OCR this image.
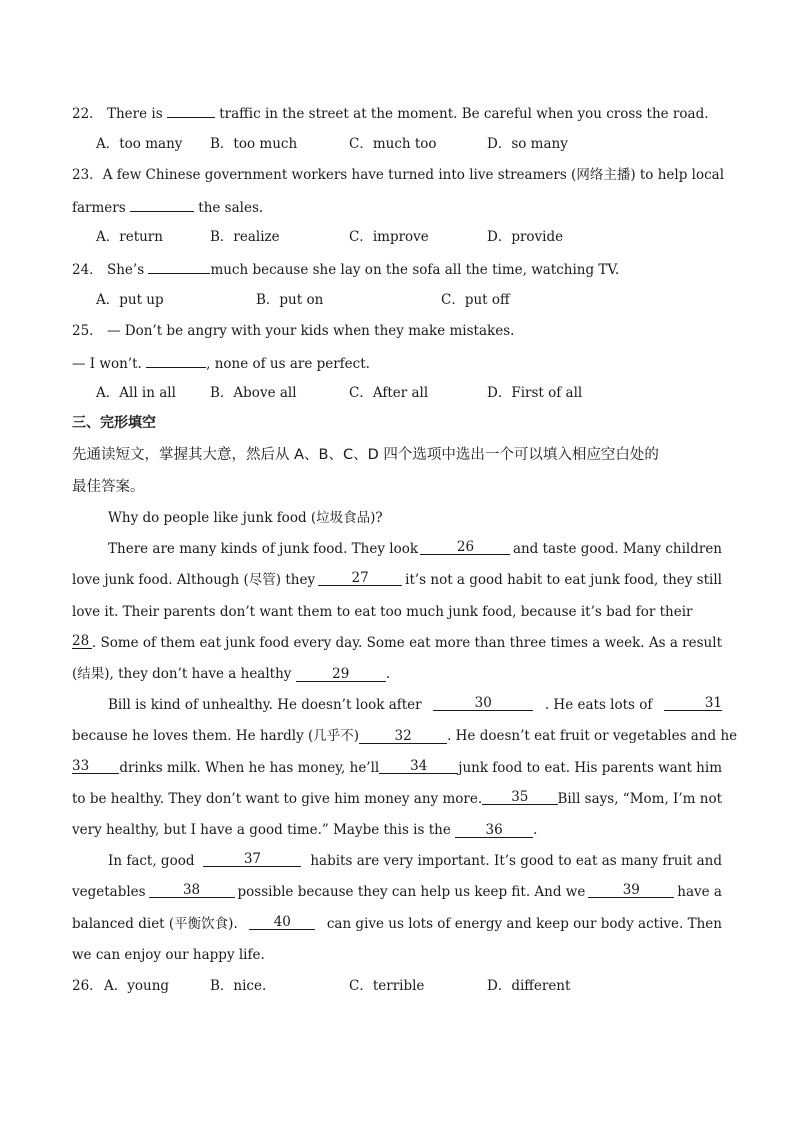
22． There is	traffic in the street at the moment. Be careful when you cross the road.
A．too many B．too much	C．much too	D．so many
23．A few Chinese government workers have turned into live streamers (网络主播) to help local
farmers	the sales.
A．return	B．realize	C．improve	D．provide
24． She’s	much because she lay on the sofa all the time, watching TV.
A．put up	B．put on	C．put off
25． — Don’t be angry with your kids when they make mistakes.
— I won’t.	, none of us are perfect.
A．All in all	B．Above all	C．After all	D．First of all
三、完形填空
先通读短文，掌握其大意，然后从 A、B、C、D 四个选项中选出一个可以填入相应空白处的
最佳答案。
Why do people like junk food (垃圾食品)?
There are many kinds of junk food. They look	26	and taste good. Many children
love junk food. Although (尽管) they	27	it’s not a good habit to eat junk food, they still
love it. Their parents don’t want them to eat too much junk food, because it’s bad for their
28 . Some of them eat junk food every day. Some eat more than three times a week. As a result
(结果), they don’t have a healthy	29	.
Bill is kind of unhealthy. He doesn’t look after	30	. He eats lots of	31
because he loves them. He hardly (几乎不)	32	. He doesn’t eat fruit or vegetables and he
33	drinks milk. When he has money, he’ll	34	junk food to eat. His parents want him
to be healthy. They don’t want to give him money any more.	35	Bill says, “Mom, I’m not
very healthy, but I have a good time.” Maybe this is the	36 .
In fact, good	37	habits are very important. It’s good to eat as many fruit and
vegetables	38	possible because they can help us keep fit. And we	39	have a
balanced diet (平衡饮食).	40	can give us lots of energy and keep our body active. Then
we can enjoy our happy life.
26． A．young	B．nice.	C．terrible	D．different
